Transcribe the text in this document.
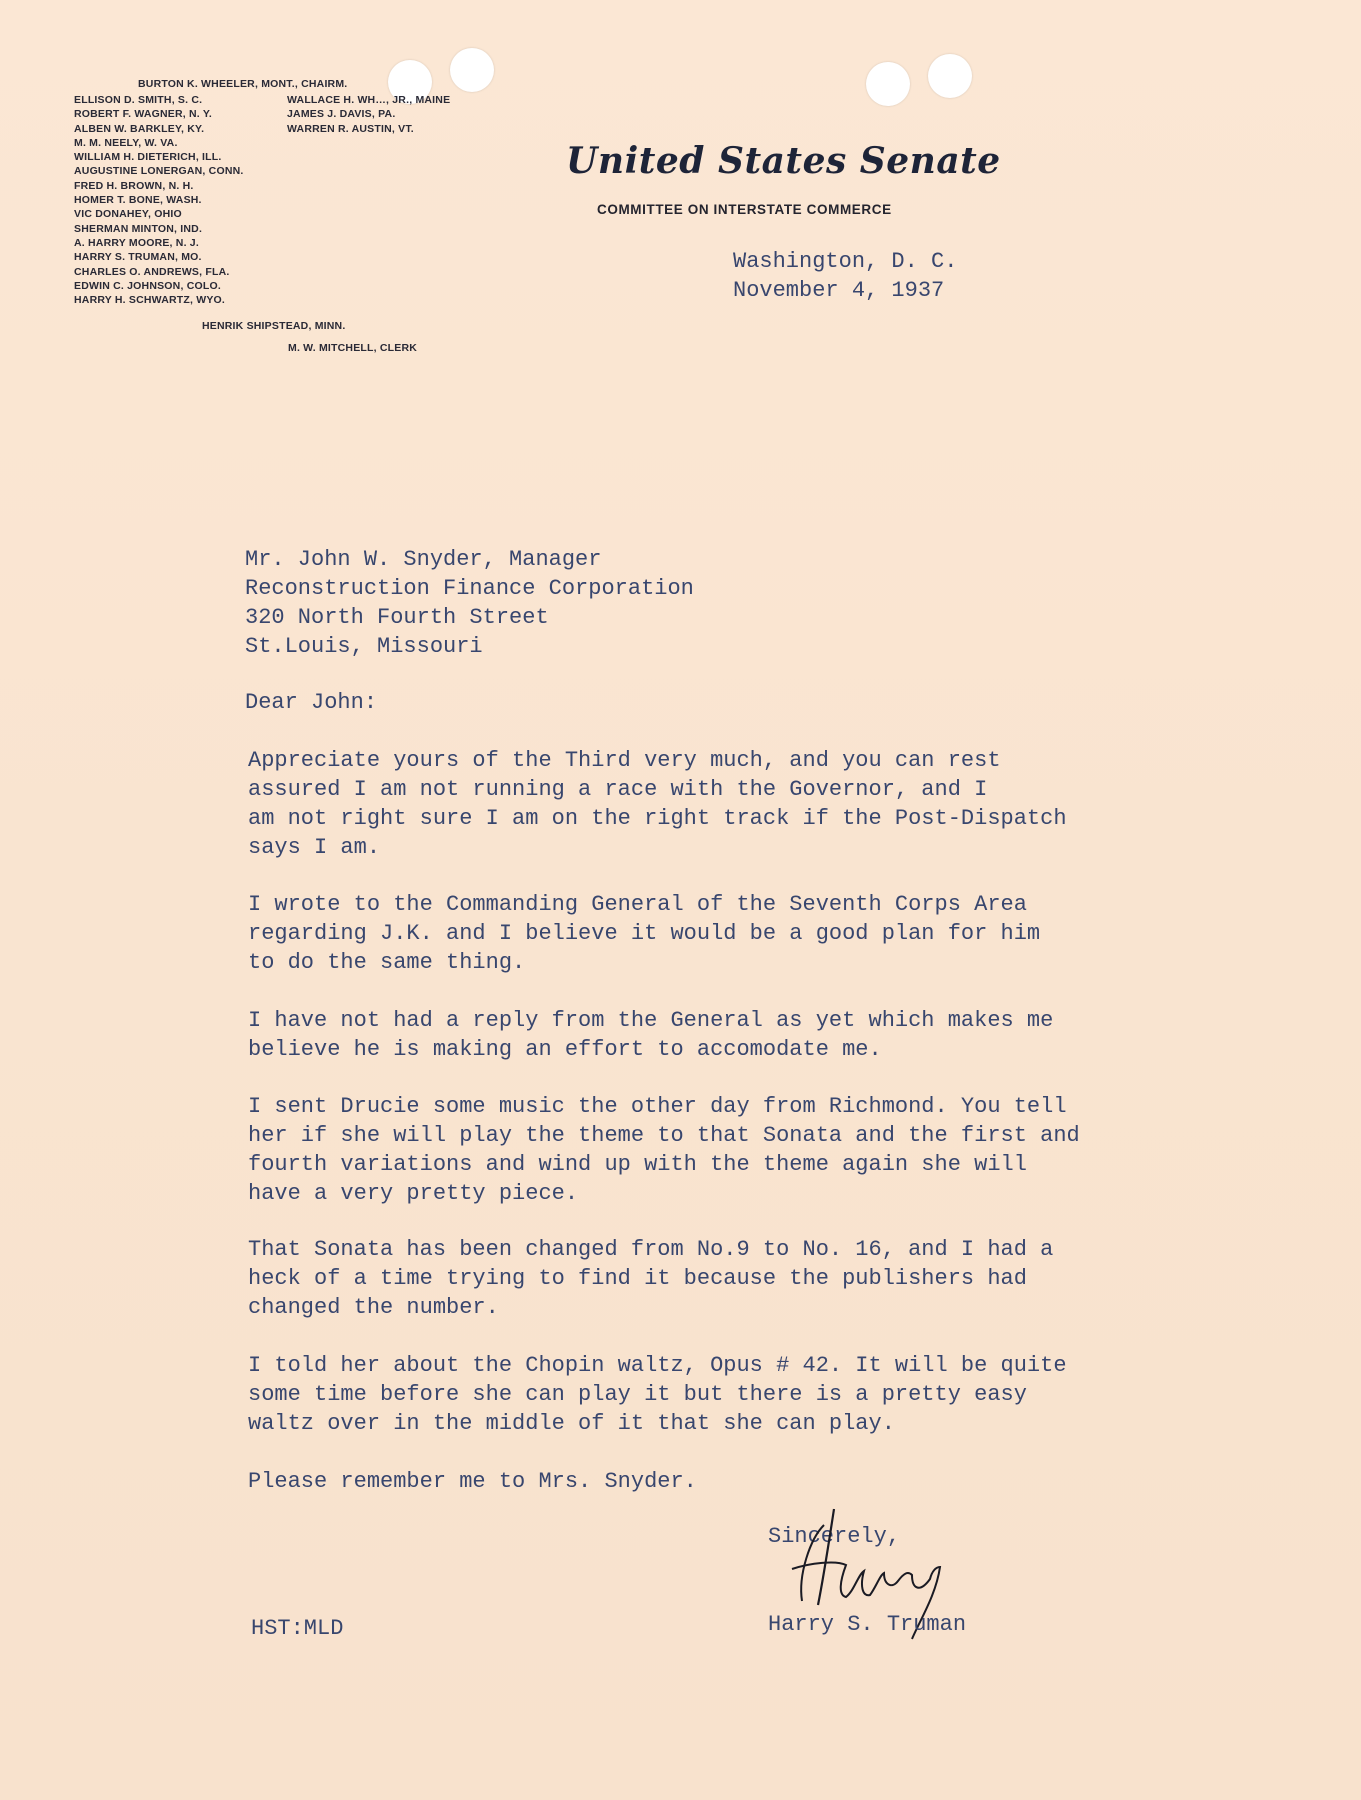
BURTON K. WHEELER, MONT., CHAIRM.
ELLISON D. SMITH, S. C.
ROBERT F. WAGNER, N. Y.
ALBEN W. BARKLEY, KY.
M. M. NEELY, W. VA.
WILLIAM H. DIETERICH, ILL.
AUGUSTINE LONERGAN, CONN.
FRED H. BROWN, N. H.
HOMER T. BONE, WASH.
VIC DONAHEY, OHIO
SHERMAN MINTON, IND.
A. HARRY MOORE, N. J.
HARRY S. TRUMAN, MO.
CHARLES O. ANDREWS, FLA.
EDWIN C. JOHNSON, COLO.
HARRY H. SCHWARTZ, WYO.
WALLACE H. WH…, JR., MAINE
JAMES J. DAVIS, PA.
WARREN R. AUSTIN, VT.
HENRIK SHIPSTEAD, MINN.
M. W. MITCHELL, CLERK
United States Senate
COMMITTEE ON INTERSTATE COMMERCE
Washington, D. C.
November 4, 1937
Mr. John W. Snyder, Manager
Reconstruction Finance Corporation
320 North Fourth Street
St.Louis, Missouri
Dear John:
Appreciate yours of the Third very much, and you can rest
assured I am not running a race with the Governor, and I
am not right sure I am on the right track if the Post-Dispatch
says I am.
I wrote to the Commanding General of the Seventh Corps Area
regarding J.K. and I believe it would be a good plan for him
to do the same thing.
I have not had a reply from the General as yet which makes me
believe he is making an effort to accomodate me.
I sent Drucie some music the other day from Richmond. You tell
her if she will play the theme to that Sonata and the first and
fourth variations and wind up with the theme again she will
have a very pretty piece.
That Sonata has been changed from No.9 to No. 16, and I had a
heck of a time trying to find it because the publishers had
changed the number.
I told her about the Chopin waltz, Opus # 42. It will be quite
some time before she can play it but there is a pretty easy
waltz over in the middle of it that she can play.
Please remember me to Mrs. Snyder.
Sincerely,
Harry S. Truman
HST:MLD
